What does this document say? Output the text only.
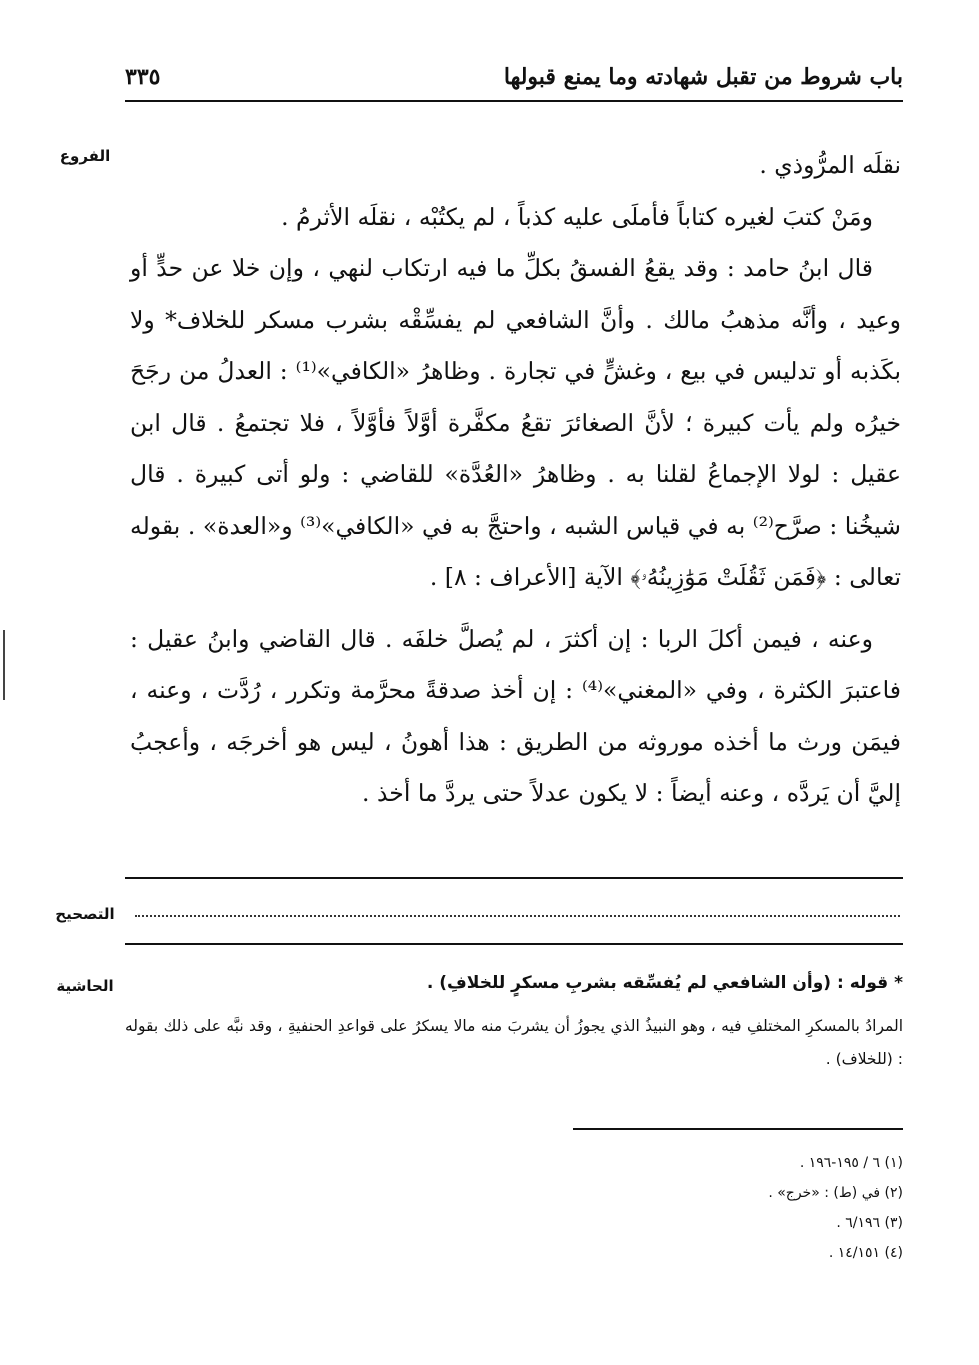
باب شروط من تقبل شهادته وما يمنع قبولها
٣٣٥
الفروع	نقلَه المرُّوذي .

ومَنْ كتبَ لغيره كتاباً فأملَى عليه كذباً ، لم يكتُبْه ، نقلَه الأثرمُ .

قال ابنُ حامد : وقد يقعُ الفسقُ بكلِّ ما فيه ارتكاب لنهي ، وإن خلا عن حدٍّ أو وعيد ، وأنَّه مذهبُ مالك . وأنَّ الشافعي لم يفسِّقْه بشرب مسكر للخلاف* ولا بكَذبه أو تدليس في بيع ، وغشٍّ في تجارة . وظاهرُ «الكافي»⁽¹⁾ : العدلُ من رجَحَ خيرُه ولم يأت كبيرة ؛ لأنَّ الصغائرَ تقعُ مكفَّرة أوَّلاً فأوَّلاً ، فلا تجتمعُ . قال ابن عقيل : لولا الإجماعُ لقلنا به . وظاهرُ «العُدَّة» للقاضي : ولو أتى كبيرة . قال شيخُنا : صرَّح⁽²⁾ به في قياس الشبه ، واحتجَّ به في «الكافي»⁽³⁾ و«العدة» . بقوله تعالى : ﴿فَمَن ثَقُلَتْ مَوَٰزِينُهُۥ﴾ الآية [الأعراف : ٨] .

وعنه ، فيمن أكلَ الربا : إن أكثرَ ، لم يُصلَّ خلفَه . قال القاضي وابنُ عقيل : فاعتبرَ الكثرة ، وفي «المغني»⁽⁴⁾ : إن أخذ صدقةً محرَّمة وتكرر ، رُدَّت ، وعنه ، فيمَن ورث ما أخذه موروثه من الطريق : هذا أهونُ ، ليس هو أخرجَه ، وأعجبُ إليَّ أن يَردَّه ، وعنه أيضاً : لا يكون عدلاً حتى يردَّ ما أخذ .

التصحيح
الحاشية	* قوله : (وأن الشافعي لم يُفسِّقه بشربِ مسكرٍ للخلافِ) .

المرادُ بالمسكرِ المختلفِ فيه ، وهو النبيذُ الذي يجوزُ أن يشربَ منه مالا يسكرُ على قواعدِ الحنفيةِ ، وقد نبَّه على ذلك بقوله : (للخلاف) .

(١) ٦ / ١٩٥-١٩٦ .

(٢) في (ط) : «خرج» .

(٣) ٦/١٩٦ .

(٤) ١٤/١٥١ .
